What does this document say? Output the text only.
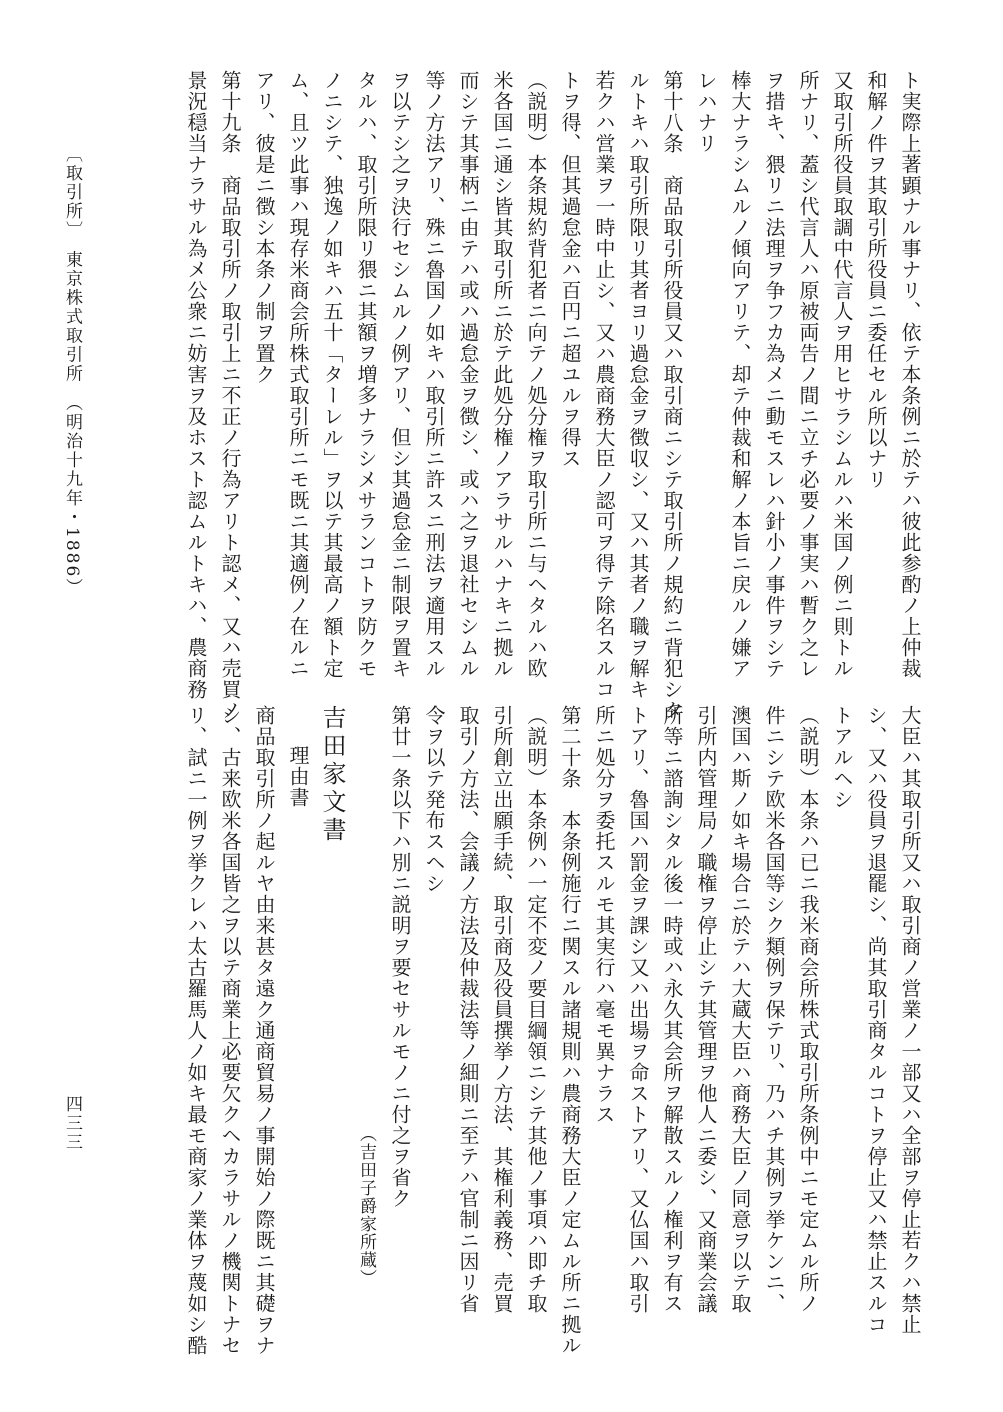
ト実際上著顕ナル事ナリ、依テ本条例ニ於テハ彼此参酌ノ上仲裁
和解ノ件ヲ其取引所役員ニ委任セル所以ナリ
又取引所役員取調中代言人ヲ用ヒサラシムルハ米国ノ例ニ則トル
所ナリ、蓋シ代言人ハ原被両告ノ間ニ立チ必要ノ事実ハ暫ク之レ
ヲ措キ、猥リニ法理ヲ争フカ為メニ動モスレハ針小ノ事件ヲシテ
棒大ナラシムルノ傾向アリテ、却テ仲裁和解ノ本旨ニ戻ルノ嫌ア
レハナリ
第十八条　商品取引所役員又ハ取引商ニシテ取引所ノ規約ニ背犯シタ
ルトキハ取引所限リ其者ヨリ過怠金ヲ徴収シ、又ハ其者ノ職ヲ解キ
若クハ営業ヲ一時中止シ、又ハ農商務大臣ノ認可ヲ得テ除名スルコ
トヲ得、但其過怠金ハ百円ニ超ユルヲ得ス
（説明）本条規約背犯者ニ向テノ処分権ヲ取引所ニ与ヘタルハ欧
米各国ニ通シ皆其取引所ニ於テ此処分権ノアラサルハナキニ拠ル
而シテ其事柄ニ由テハ或ハ過怠金ヲ徴シ、或ハ之ヲ退社セシムル
等ノ方法アリ、殊ニ魯国ノ如キハ取引所ニ許スニ刑法ヲ適用スル
ヲ以テシ之ヲ決行セシムルノ例アリ、但シ其過怠金ニ制限ヲ置キ
タルハ、取引所限リ猥ニ其額ヲ増多ナラシメサランコトヲ防クモ
ノニシテ、独逸ノ如キハ五十「ターレル」ヲ以テ其最高ノ額ト定
ム、且ツ此事ハ現存米商会所株式取引所ニモ既ニ其適例ノ在ルニ
アリ、彼是ニ徴シ本条ノ制ヲ置ク
第十九条　商品取引所ノ取引上ニ不正ノ行為アリト認メ、又ハ売買ノ
景況穏当ナラサル為メ公衆ニ妨害ヲ及ホスト認ムルトキハ、農商務
大臣ハ其取引所又ハ取引商ノ営業ノ一部又ハ全部ヲ停止若クハ禁止
シ、又ハ役員ヲ退罷シ、尚其取引商タルコトヲ停止又ハ禁止スルコ
トアルヘシ
（説明）本条ハ已ニ我米商会所株式取引所条例中ニモ定ムル所ノ
件ニシテ欧米各国等シク類例ヲ保テリ、乃ハチ其例ヲ挙ケンニ、
澳国ハ斯ノ如キ場合ニ於テハ大蔵大臣ハ商務大臣ノ同意ヲ以テ取
引所内管理局ノ職権ヲ停止シテ其管理ヲ他人ニ委シ、又商業会議
所等ニ諮詢シタル後一時或ハ永久其会所ヲ解散スルノ権利ヲ有ス
トアリ、魯国ハ罰金ヲ課シ又ハ出場ヲ命ストアリ、又仏国ハ取引
所ニ処分ヲ委托スルモ其実行ハ毫モ異ナラス
第二十条　本条例施行ニ関スル諸規則ハ農商務大臣ノ定ムル所ニ拠ル
（説明）本条例ハ一定不変ノ要目綱領ニシテ其他ノ事項ハ即チ取
引所創立出願手続、取引商及役員撰挙ノ方法、其権利義務、売買
取引ノ方法、会議ノ方法及仲裁法等ノ細則ニ至テハ官制ニ因リ省
令ヲ以テ発布スヘシ
第廿一条以下ハ別ニ説明ヲ要セサルモノニ付之ヲ省ク
（吉田子爵家所蔵）
吉田家文書
理由書
商品取引所ノ起ルヤ由来甚タ遠ク通商貿易ノ事開始ノ際既ニ其礎ヲナ
シ、古来欧米各国皆之ヲ以テ商業上必要欠クヘカラサルノ機関トナセ
リ、試ニ一例ヲ挙クレハ太古羅馬人ノ如キ最モ商家ノ業体ヲ蔑如シ酷
〔取引所〕　東京株式取引所　（明治十九年・1886）
四三三
